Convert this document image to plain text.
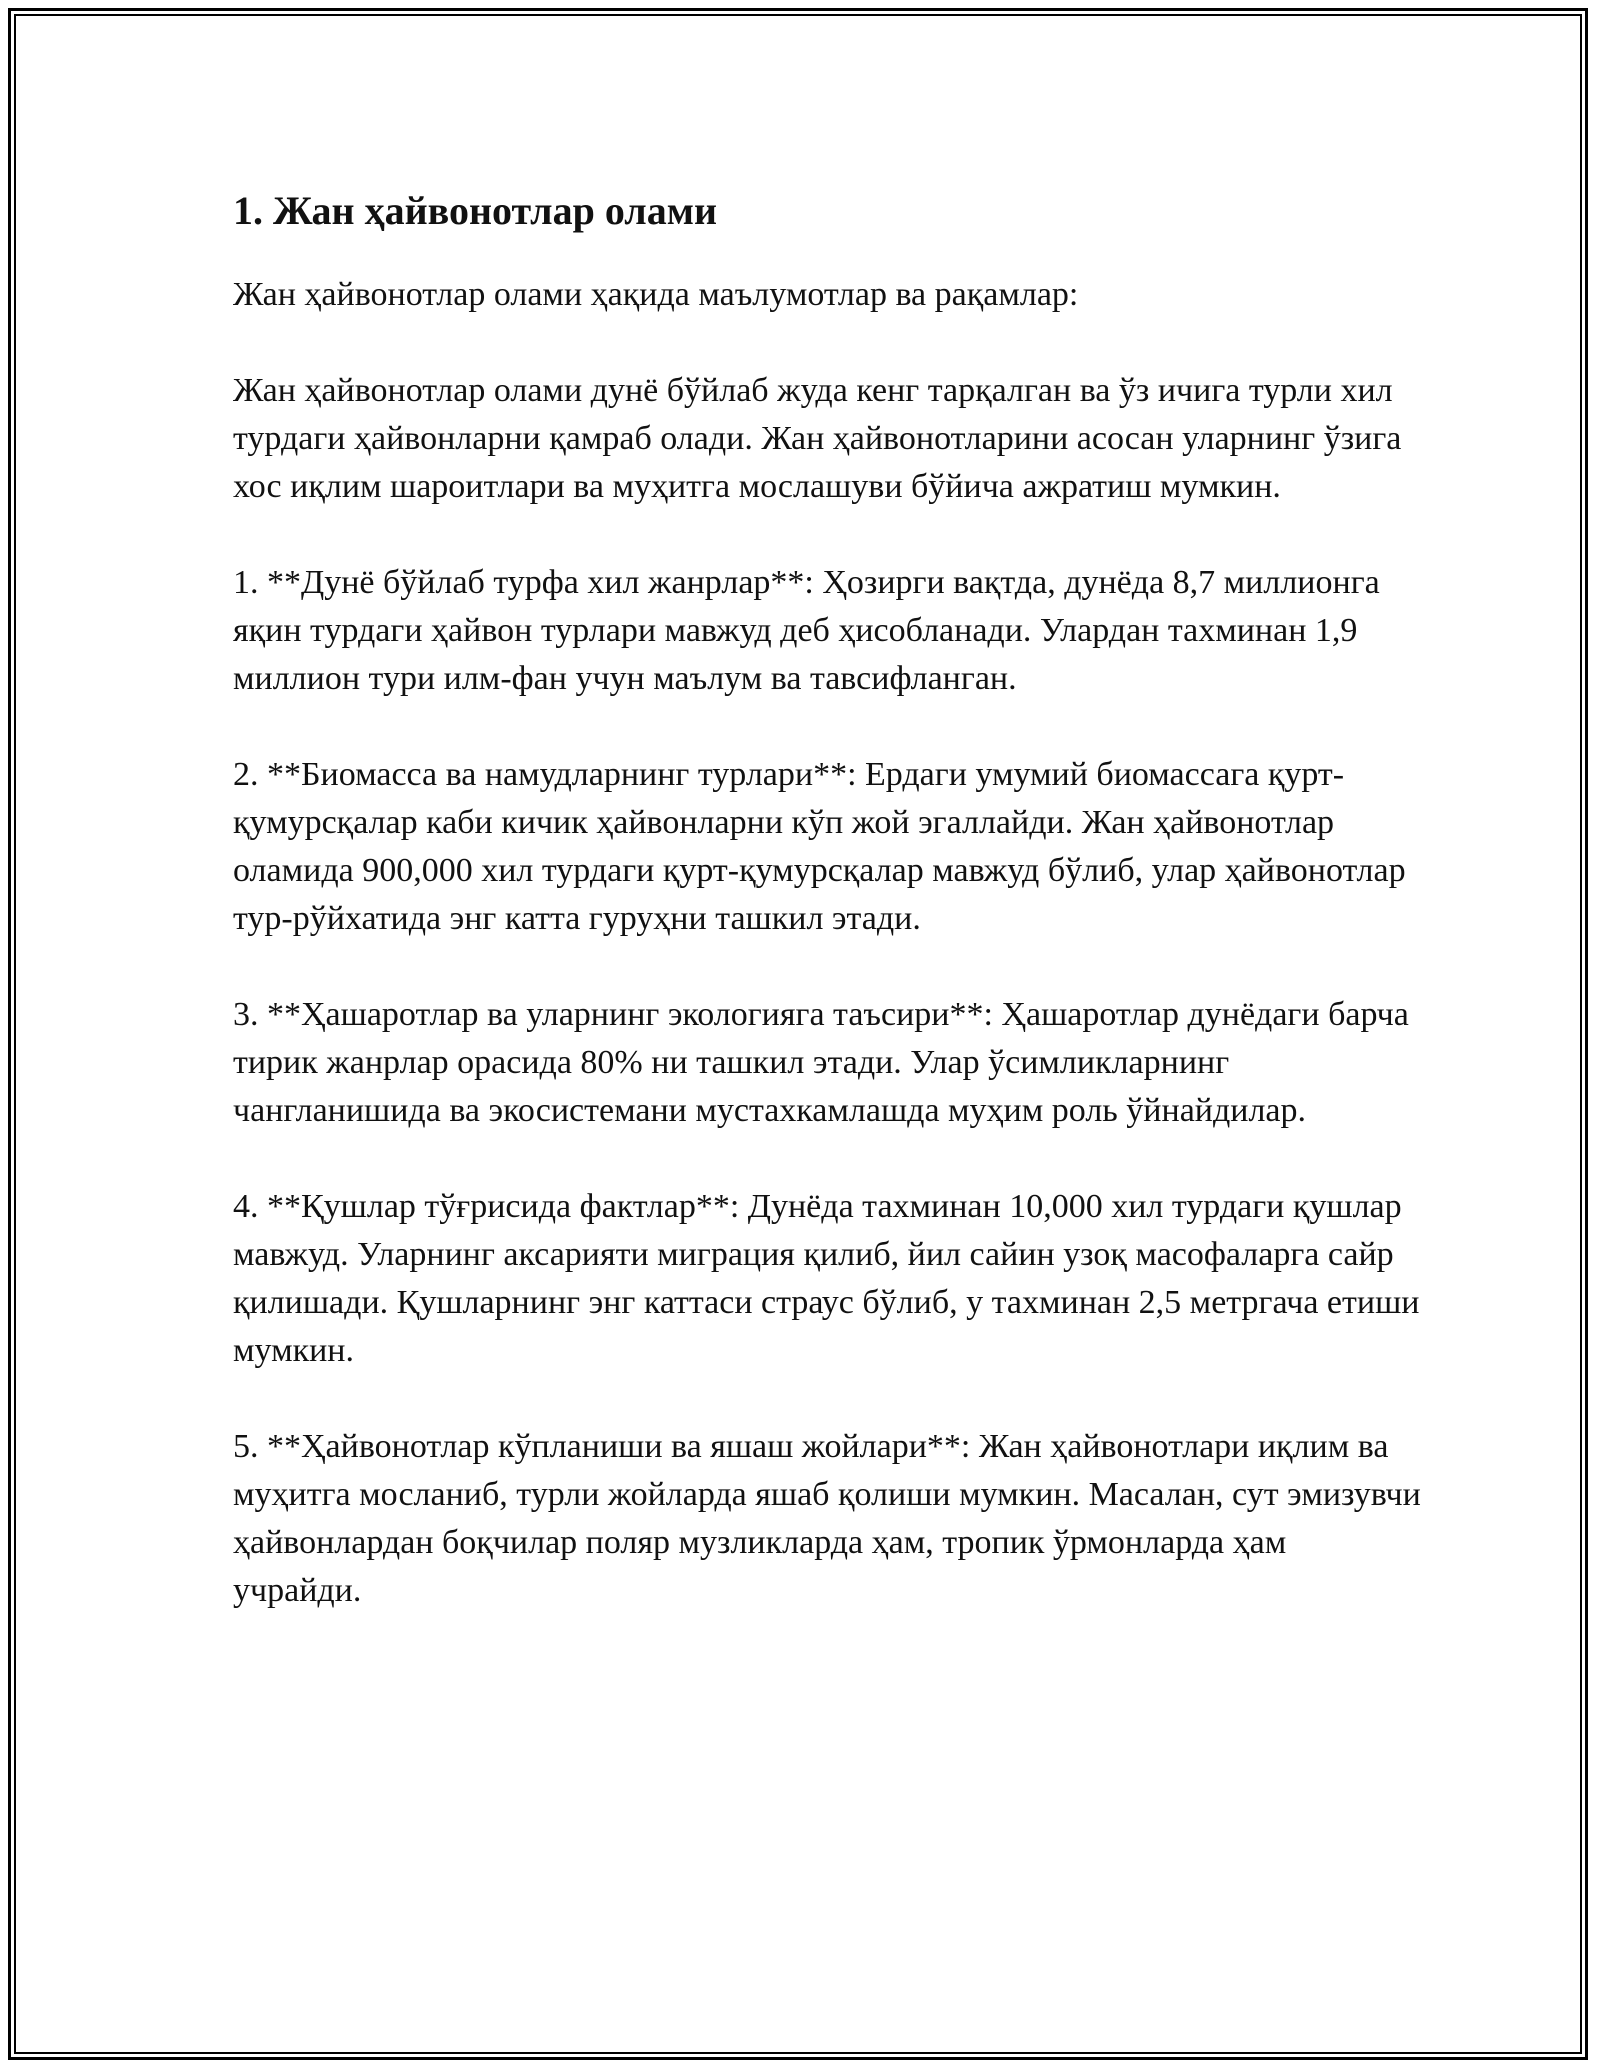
1. Жан ҳайвонотлар олами

Жан ҳайвонотлар олами ҳақида маълумотлар ва рақамлар:

Жан ҳайвонотлар олами дунё бўйлаб жуда кенг тарқалган ва ўз ичига турли хил турдаги ҳайвонларни қамраб олади. Жан ҳайвонотларини асосан уларнинг ўзига хос иқлим шароитлари ва муҳитга мослашуви бўйича ажратиш мумкин.

1. **Дунё бўйлаб турфа хил жанрлар**: Ҳозирги вақтда, дунёда 8,7 миллионга яқин турдаги ҳайвон турлари мавжуд деб ҳисобланади. Улардан тахминан 1,9 миллион тури илм-фан учун маълум ва тавсифланган.

2. **Биомасса ва намудларнинг турлари**: Ердаги умумий биомассага қурт-қумурсқалар каби кичик ҳайвонларни кўп жой эгаллайди. Жан ҳайвонотлар оламида 900,000 хил турдаги қурт-қумурсқалар мавжуд бўлиб, улар ҳайвонотлар тур-рўйхатида энг катта гуруҳни ташкил этади.

3. **Ҳашаротлар ва уларнинг экологияга таъсири**: Ҳашаротлар дунёдаги барча тирик жанрлар орасида 80% ни ташкил этади. Улар ўсимликларнинг чангланишида ва экосистемани мустахкамлашда муҳим роль ўйнайдилар.

4. **Қушлар тўғрисида фактлар**: Дунёда тахминан 10,000 хил турдаги қушлар мавжуд. Уларнинг аксарияти миграция қилиб, йил сайин узоқ масофаларга сайр қилишади. Қушларнинг энг каттаси страус бўлиб, у тахминан 2,5 метргача етиши мумкин.

5. **Ҳайвонотлар кўпланиши ва яшаш жойлари**: Жан ҳайвонотлари иқлим ва муҳитга мосланиб, турли жойларда яшаб қолиши мумкин. Масалан, сут эмизувчи ҳайвонлардан боқчилар поляр музликларда ҳам, тропик ўрмонларда ҳам учрайди.
